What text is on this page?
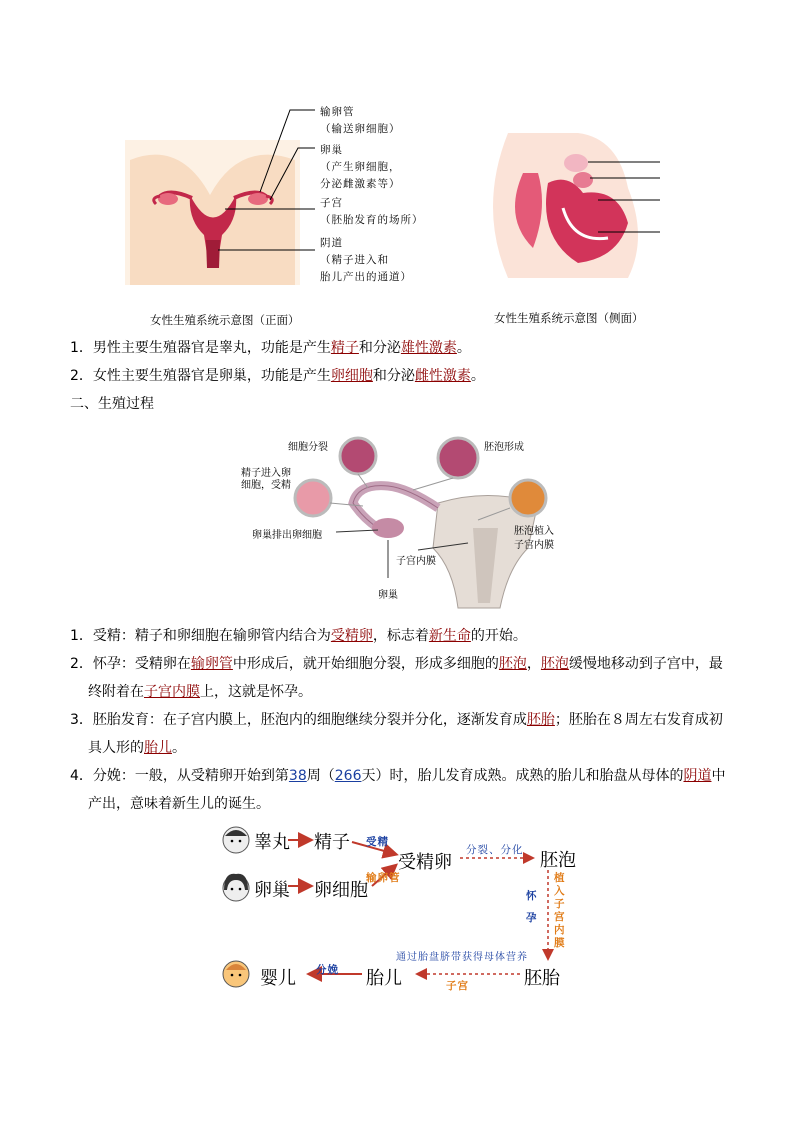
输卵管
（输送卵细胞）
卵巢
（产生卵细胞，
分泌雌激素等）
子宫
（胚胎发育的场所）
阴道
（精子进入和
胎儿产出的通道）
女性生殖系统示意图（正面）	女性生殖系统示意图（侧面）
1．男性主要生殖器官是睾丸，功能是产生精子和分泌雄性激素。
2．女性主要生殖器官是卵巢，功能是产生卵细胞和分泌雌性激素。
二、生殖过程
细胞分裂	胚泡形成
精子进入卵
细胞，受精
卵巢排出卵细胞	胚泡植入
子宫内膜
子宫内膜
卵巢
1．受精：精子和卵细胞在输卵管内结合为受精卵，标志着新生命的开始。
2．怀孕：受精卵在输卵管中形成后，就开始细胞分裂，形成多细胞的胚泡，胚泡缓慢地移动到子宫中，最
终附着在子宫内膜上，这就是怀孕。
3．胚胎发育：在子宫内膜上，胚泡内的细胞继续分裂并分化，逐渐发育成胚胎；胚胎在８周左右发育成初
具人形的胎儿。
4．分娩：一般，从受精卵开始到第38周（266天）时，胎儿发育成熟。成熟的胎儿和胎盘从母体的阴道中
产出，意味着新生儿的诞生。
睾丸 精子 受精
受精卵
输卵管
卵巢 卵细胞
分裂、分化 胚泡
怀
孕
植
入
子
宫
内
膜
通过胎盘脐带获得母体营养
胚胎
胎儿	子宫
分娩
婴儿
